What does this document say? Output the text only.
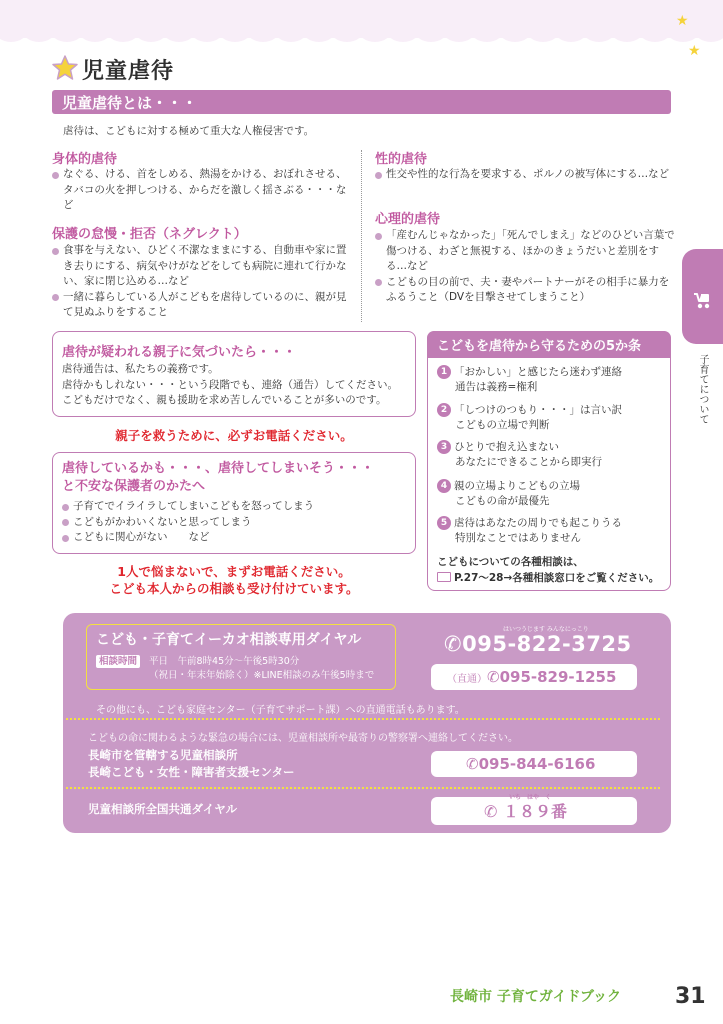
★
★
児童虐待
児童虐待とは・・・
虐待は、こどもに対する極めて重大な人権侵害です。
身体的虐待
なぐる、ける、首をしめる、熱湯をかける、おぼれさせる、タバコの火を押しつける、からだを激しく揺さぶる・・・など
保護の怠慢・拒否（ネグレクト）
食事を与えない、ひどく不潔なままにする、自動車や家に置き去りにする、病気やけがなどをしても病院に連れて行かない、家に閉じ込める…など
一緒に暮らしている人がこどもを虐待しているのに、親が見て見ぬふりをすること
性的虐待
性交や性的な行為を要求する、ポルノの被写体にする…など
心理的虐待
「産むんじゃなかった」「死んでしまえ」などのひどい言葉で傷つける、わざと無視する、ほかのきょうだいと差別をする…など
こどもの目の前で、夫・妻やパートナーがその相手に暴力をふるうこと（DVを目撃させてしまうこと）
子育てについて
虐待が疑われる親子に気づいたら・・・
虐待通告は、私たちの義務です。
虐待かもしれない・・・という段階でも、連絡（通告）してください。
こどもだけでなく、親も援助を求め苦しんでいることが多いのです。
親子を救うために、必ずお電話ください。
虐待しているかも・・・、虐待してしまいそう・・・
と不安な保護者のかたへ
子育てでイライラしてしまいこどもを怒ってしまう
こどもがかわいくないと思ってしまう
こどもに関心がない　　など
1人で悩まないで、まずお電話ください。
こども本人からの相談も受け付けています。
こどもを虐待から守るための5か条
1 「おかしい」と感じたら迷わず連絡
通告は義務=権利
2 「しつけのつもり・・・」は言い訳
こどもの立場で判断
3 ひとりで抱え込まない
あなたにできることから即実行
4 親の立場よりこどもの立場
こどもの命が最優先
5 虐待はあなたの周りでも起こりうる
特別なことではありません
こどもについての各種相談は、
P.27～28→各種相談窓口をご覧ください。
こども・子育てイーカオ相談専用ダイヤル
相談時間	平日　午前8時45分～午後5時30分
（祝日・年末年始除く）※LINE相談のみ午後5時まで
はいつうじます みんなにっこり
✆095-822-3725
（直通）✆095-829-1255
その他にも、こども家庭センター（子育てサポート課）への直通電話もあります。
こどもの命に関わるような緊急の場合には、児童相談所や最寄りの警察署へ連絡してください。
長崎市を管轄する児童相談所
長崎こども・女性・障害者支援センター	✆095-844-6166
児童相談所全国共通ダイヤル
いち　はや　く
✆ １８９番
長崎市 子育てガイドブック 31
